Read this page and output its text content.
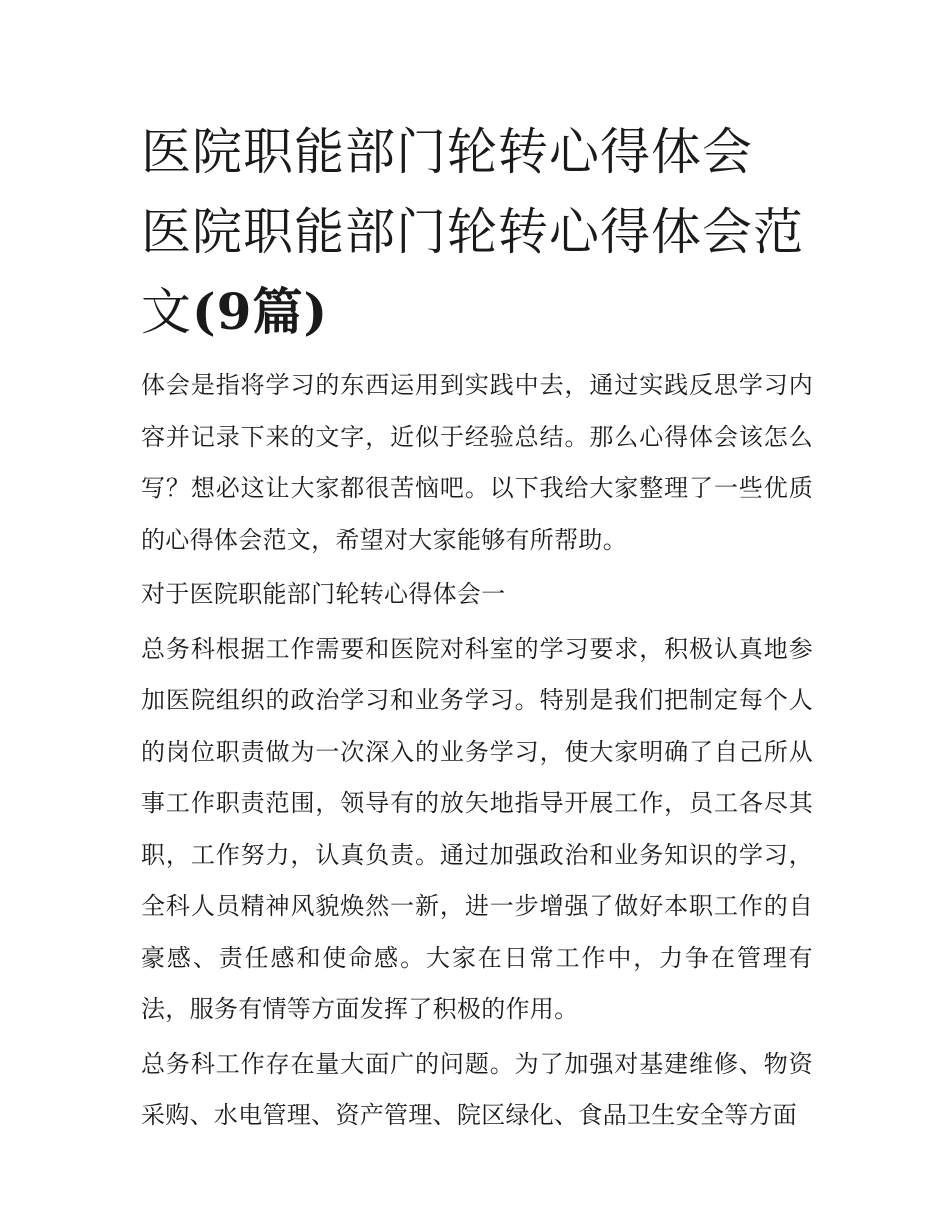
医院职能部门轮转心得体会 医院职能部门轮转心得体会范文(9篇)

体会是指将学习的东西运用到实践中去，通过实践反思学习内容并记录下来的文字，近似于经验总结。那么心得体会该怎么写？想必这让大家都很苦恼吧。以下我给大家整理了一些优质的心得体会范文，希望对大家能够有所帮助。

对于医院职能部门轮转心得体会一

总务科根据工作需要和医院对科室的学习要求，积极认真地参加医院组织的政治学习和业务学习。特别是我们把制定每个人的岗位职责做为一次深入的业务学习，使大家明确了自己所从事工作职责范围，领导有的放矢地指导开展工作，员工各尽其职，工作努力，认真负责。通过加强政治和业务知识的学习，全科人员精神风貌焕然一新，进一步增强了做好本职工作的自豪感、责任感和使命感。大家在日常工作中，力争在管理有法，服务有情等方面发挥了积极的作用。

总务科工作存在量大面广的问题。为了加强对基建维修、物资采购、水电管理、资产管理、院区绿化、食品卫生安全等方面
